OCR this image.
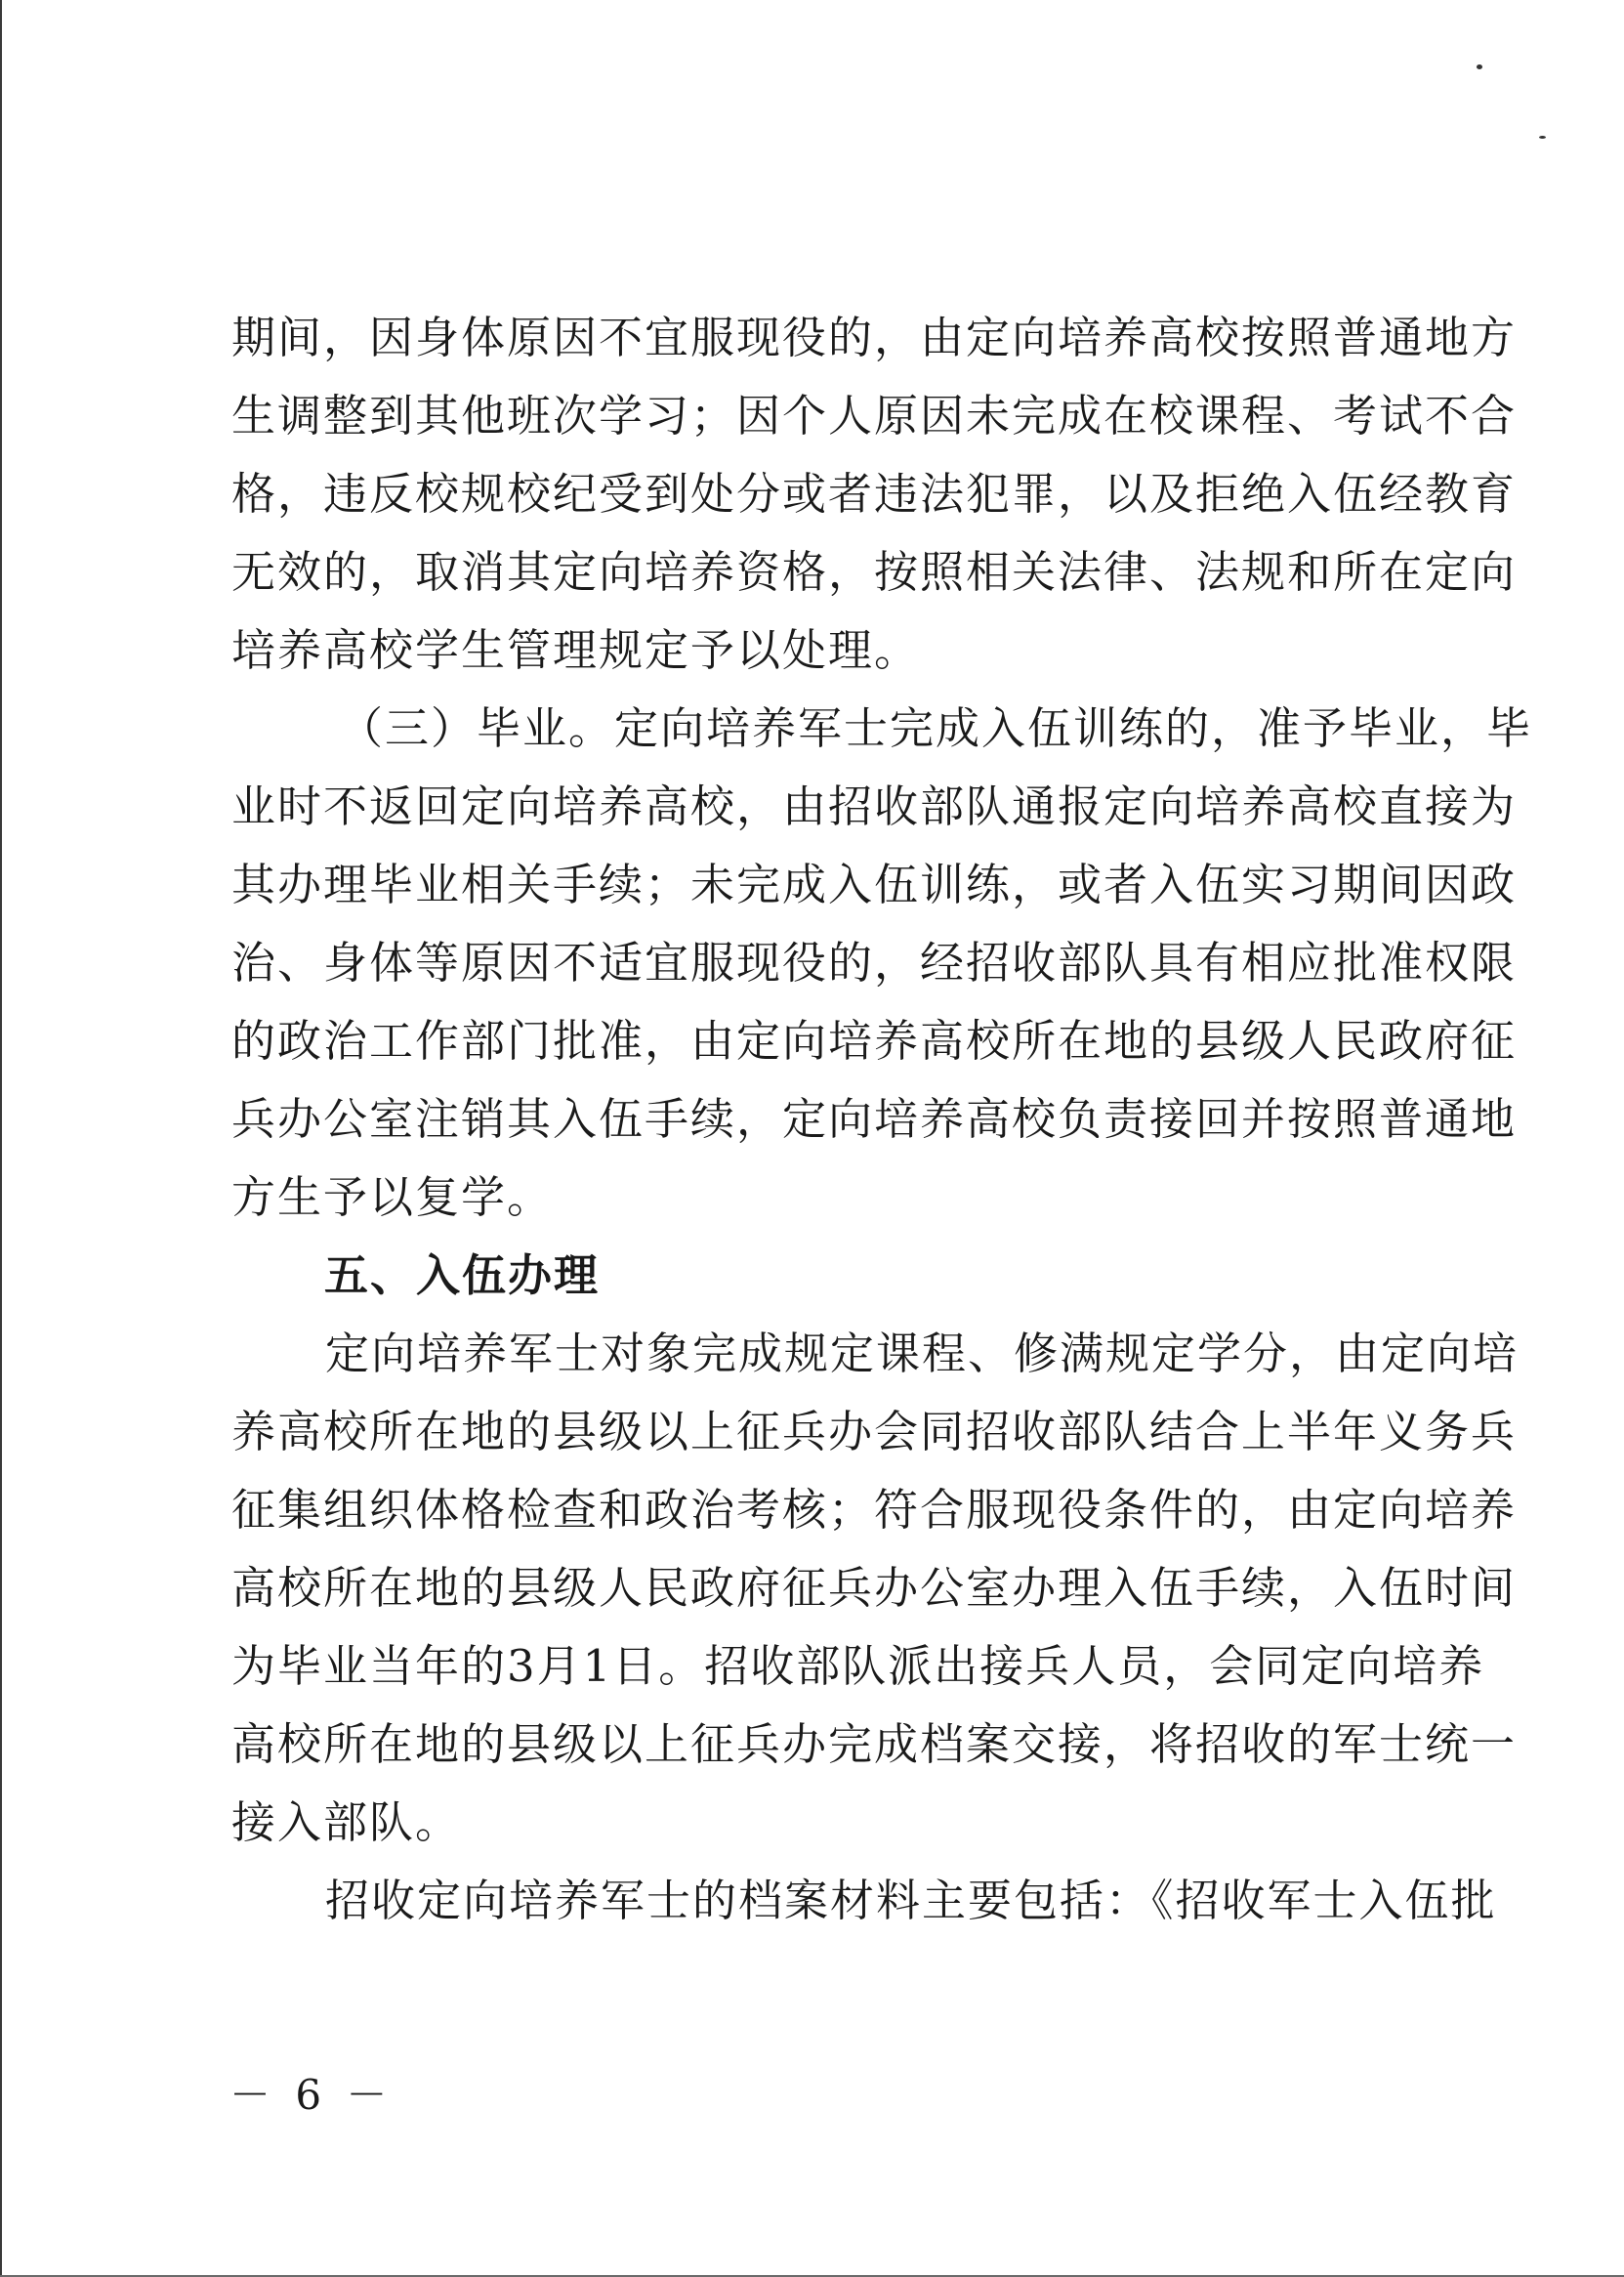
期间，因身体原因不宜服现役的，由定向培养高校按照普通地方
生调整到其他班次学习；因个人原因未完成在校课程、考试不合
格，违反校规校纪受到处分或者违法犯罪，以及拒绝入伍经教育
无效的，取消其定向培养资格，按照相关法律、法规和所在定向
培养高校学生管理规定予以处理。
（三）毕业。定向培养军士完成入伍训练的，准予毕业，毕
业时不返回定向培养高校，由招收部队通报定向培养高校直接为
其办理毕业相关手续；未完成入伍训练，或者入伍实习期间因政
治、身体等原因不适宜服现役的，经招收部队具有相应批准权限
的政治工作部门批准，由定向培养高校所在地的县级人民政府征
兵办公室注销其入伍手续，定向培养高校负责接回并按照普通地
方生予以复学。
五、入伍办理
定向培养军士对象完成规定课程、修满规定学分，由定向培
养高校所在地的县级以上征兵办会同招收部队结合上半年义务兵
征集组织体格检查和政治考核；符合服现役条件的，由定向培养
高校所在地的县级人民政府征兵办公室办理入伍手续，入伍时间
为毕业当年的3月1日。招收部队派出接兵人员，会同定向培养
高校所在地的县级以上征兵办完成档案交接，将招收的军士统一
接入部队。
招收定向培养军士的档案材料主要包括：《招收军士入伍批
－ 6 －
